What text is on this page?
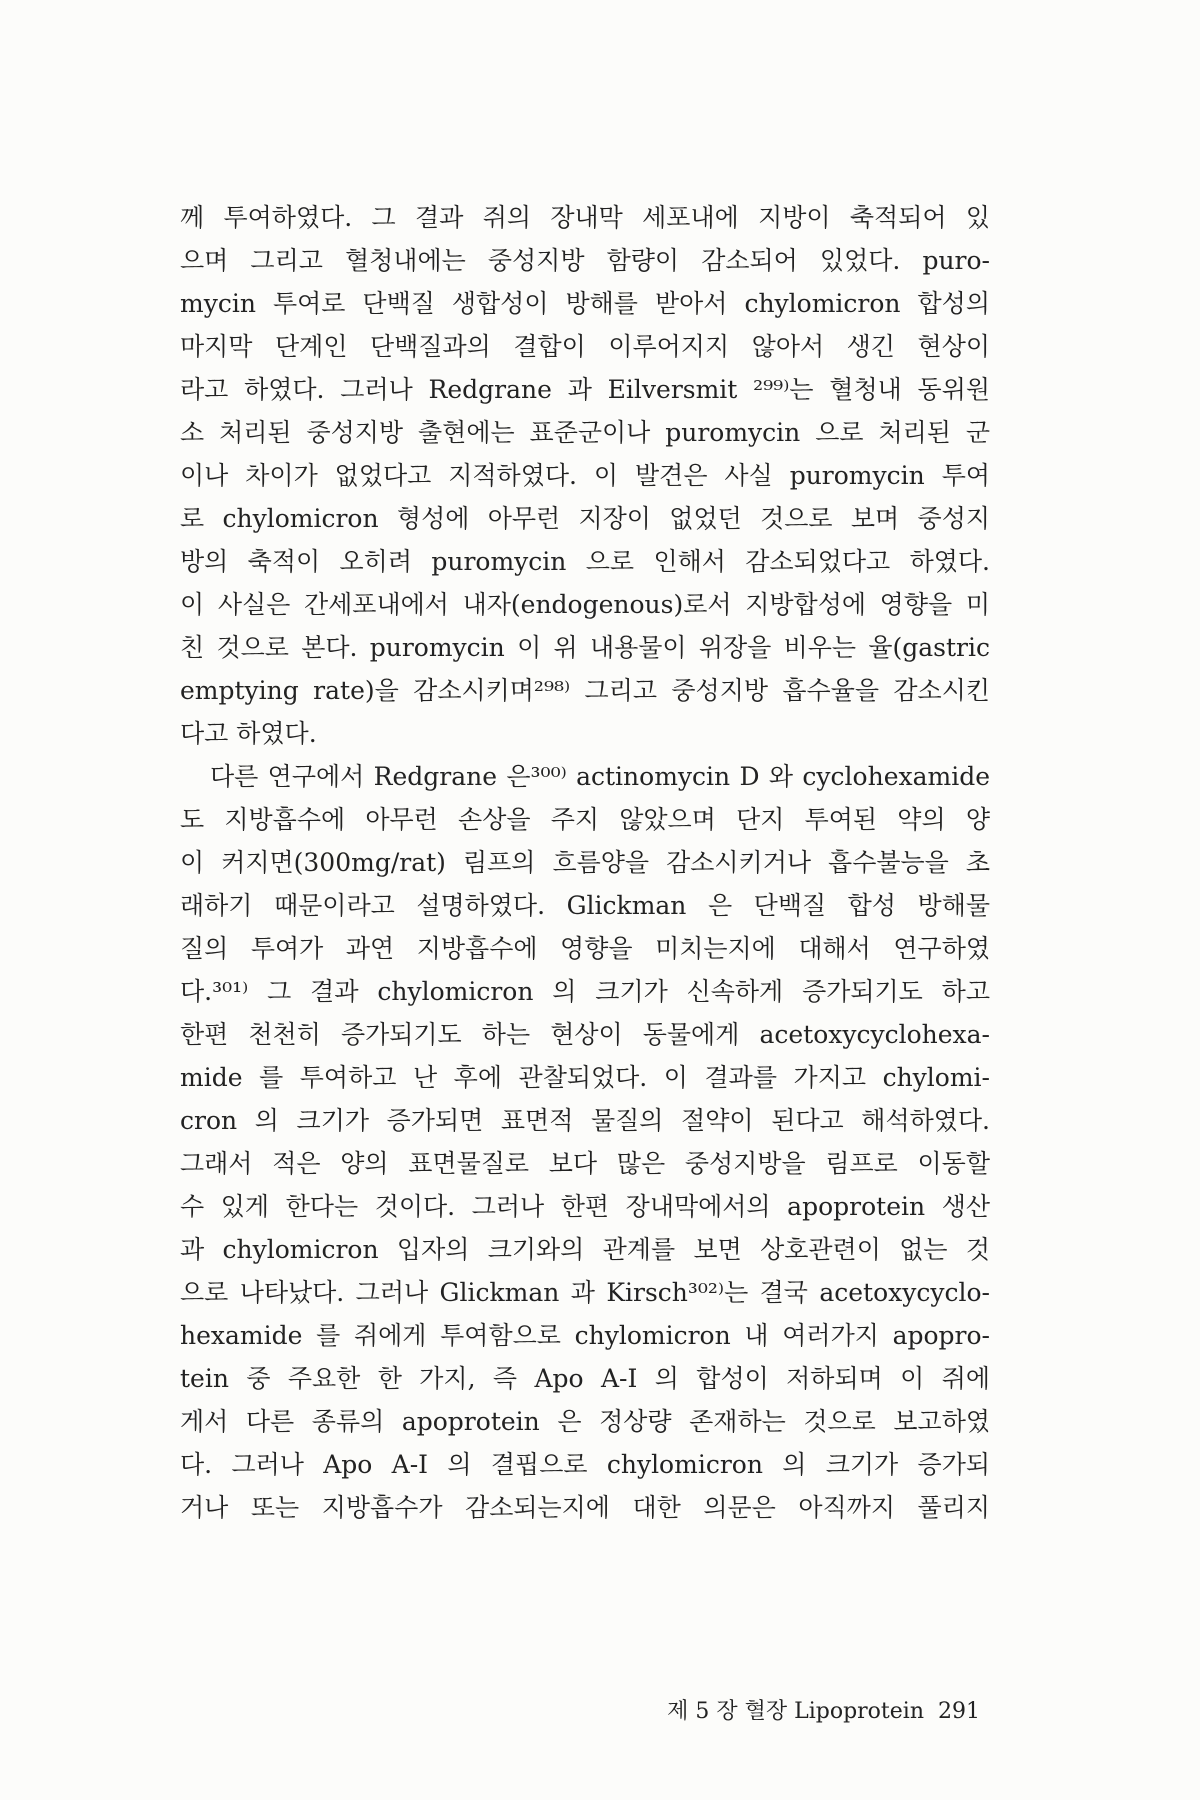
께 투여하였다. 그 결과 쥐의 장내막 세포내에 지방이 축적되어 있
으며 그리고 혈청내에는 중성지방 함량이 감소되어 있었다. puro-
mycin 투여로 단백질 생합성이 방해를 받아서 chylomicron 합성의
마지막 단계인 단백질과의 결합이 이루어지지 않아서 생긴 현상이
라고 하였다. 그러나 Redgrane 과 Eilversmit ²⁹⁹⁾는 혈청내 동위원
소 처리된 중성지방 출현에는 표준군이나 puromycin 으로 처리된 군
이나 차이가 없었다고 지적하였다. 이 발견은 사실 puromycin 투여
로 chylomicron 형성에 아무런 지장이 없었던 것으로 보며 중성지
방의 축적이 오히려 puromycin 으로 인해서 감소되었다고 하였다.
이 사실은 간세포내에서 내자(endogenous)로서 지방합성에 영향을 미
친 것으로 본다. puromycin 이 위 내용물이 위장을 비우는 율(gastric
emptying rate)을 감소시키며²⁹⁸⁾ 그리고 중성지방 흡수율을 감소시킨
다고 하였다.
다른 연구에서 Redgrane 은³⁰⁰⁾ actinomycin D 와 cyclohexamide
도 지방흡수에 아무런 손상을 주지 않았으며 단지 투여된 약의 양
이 커지면(300mg/rat) 림프의 흐름양을 감소시키거나 흡수불능을 초
래하기 때문이라고 설명하였다. Glickman 은 단백질 합성 방해물
질의 투여가 과연 지방흡수에 영향을 미치는지에 대해서 연구하였
다.³⁰¹⁾ 그 결과 chylomicron 의 크기가 신속하게 증가되기도 하고
한편 천천히 증가되기도 하는 현상이 동물에게 acetoxycyclohexa-
mide 를 투여하고 난 후에 관찰되었다. 이 결과를 가지고 chylomi-
cron 의 크기가 증가되면 표면적 물질의 절약이 된다고 해석하였다.
그래서 적은 양의 표면물질로 보다 많은 중성지방을 림프로 이동할
수 있게 한다는 것이다. 그러나 한편 장내막에서의 apoprotein 생산
과 chylomicron 입자의 크기와의 관계를 보면 상호관련이 없는 것
으로 나타났다. 그러나 Glickman 과 Kirsch³⁰²⁾는 결국 acetoxycyclo-
hexamide 를 쥐에게 투여함으로 chylomicron 내 여러가지 apopro-
tein 중 주요한 한 가지, 즉 Apo A-I 의 합성이 저하되며 이 쥐에
게서 다른 종류의 apoprotein 은 정상량 존재하는 것으로 보고하였
다. 그러나 Apo A-I 의 결핍으로 chylomicron 의 크기가 증가되
거나 또는 지방흡수가 감소되는지에 대한 의문은 아직까지 풀리지
제 5 장 혈장 Lipoprotein 291
